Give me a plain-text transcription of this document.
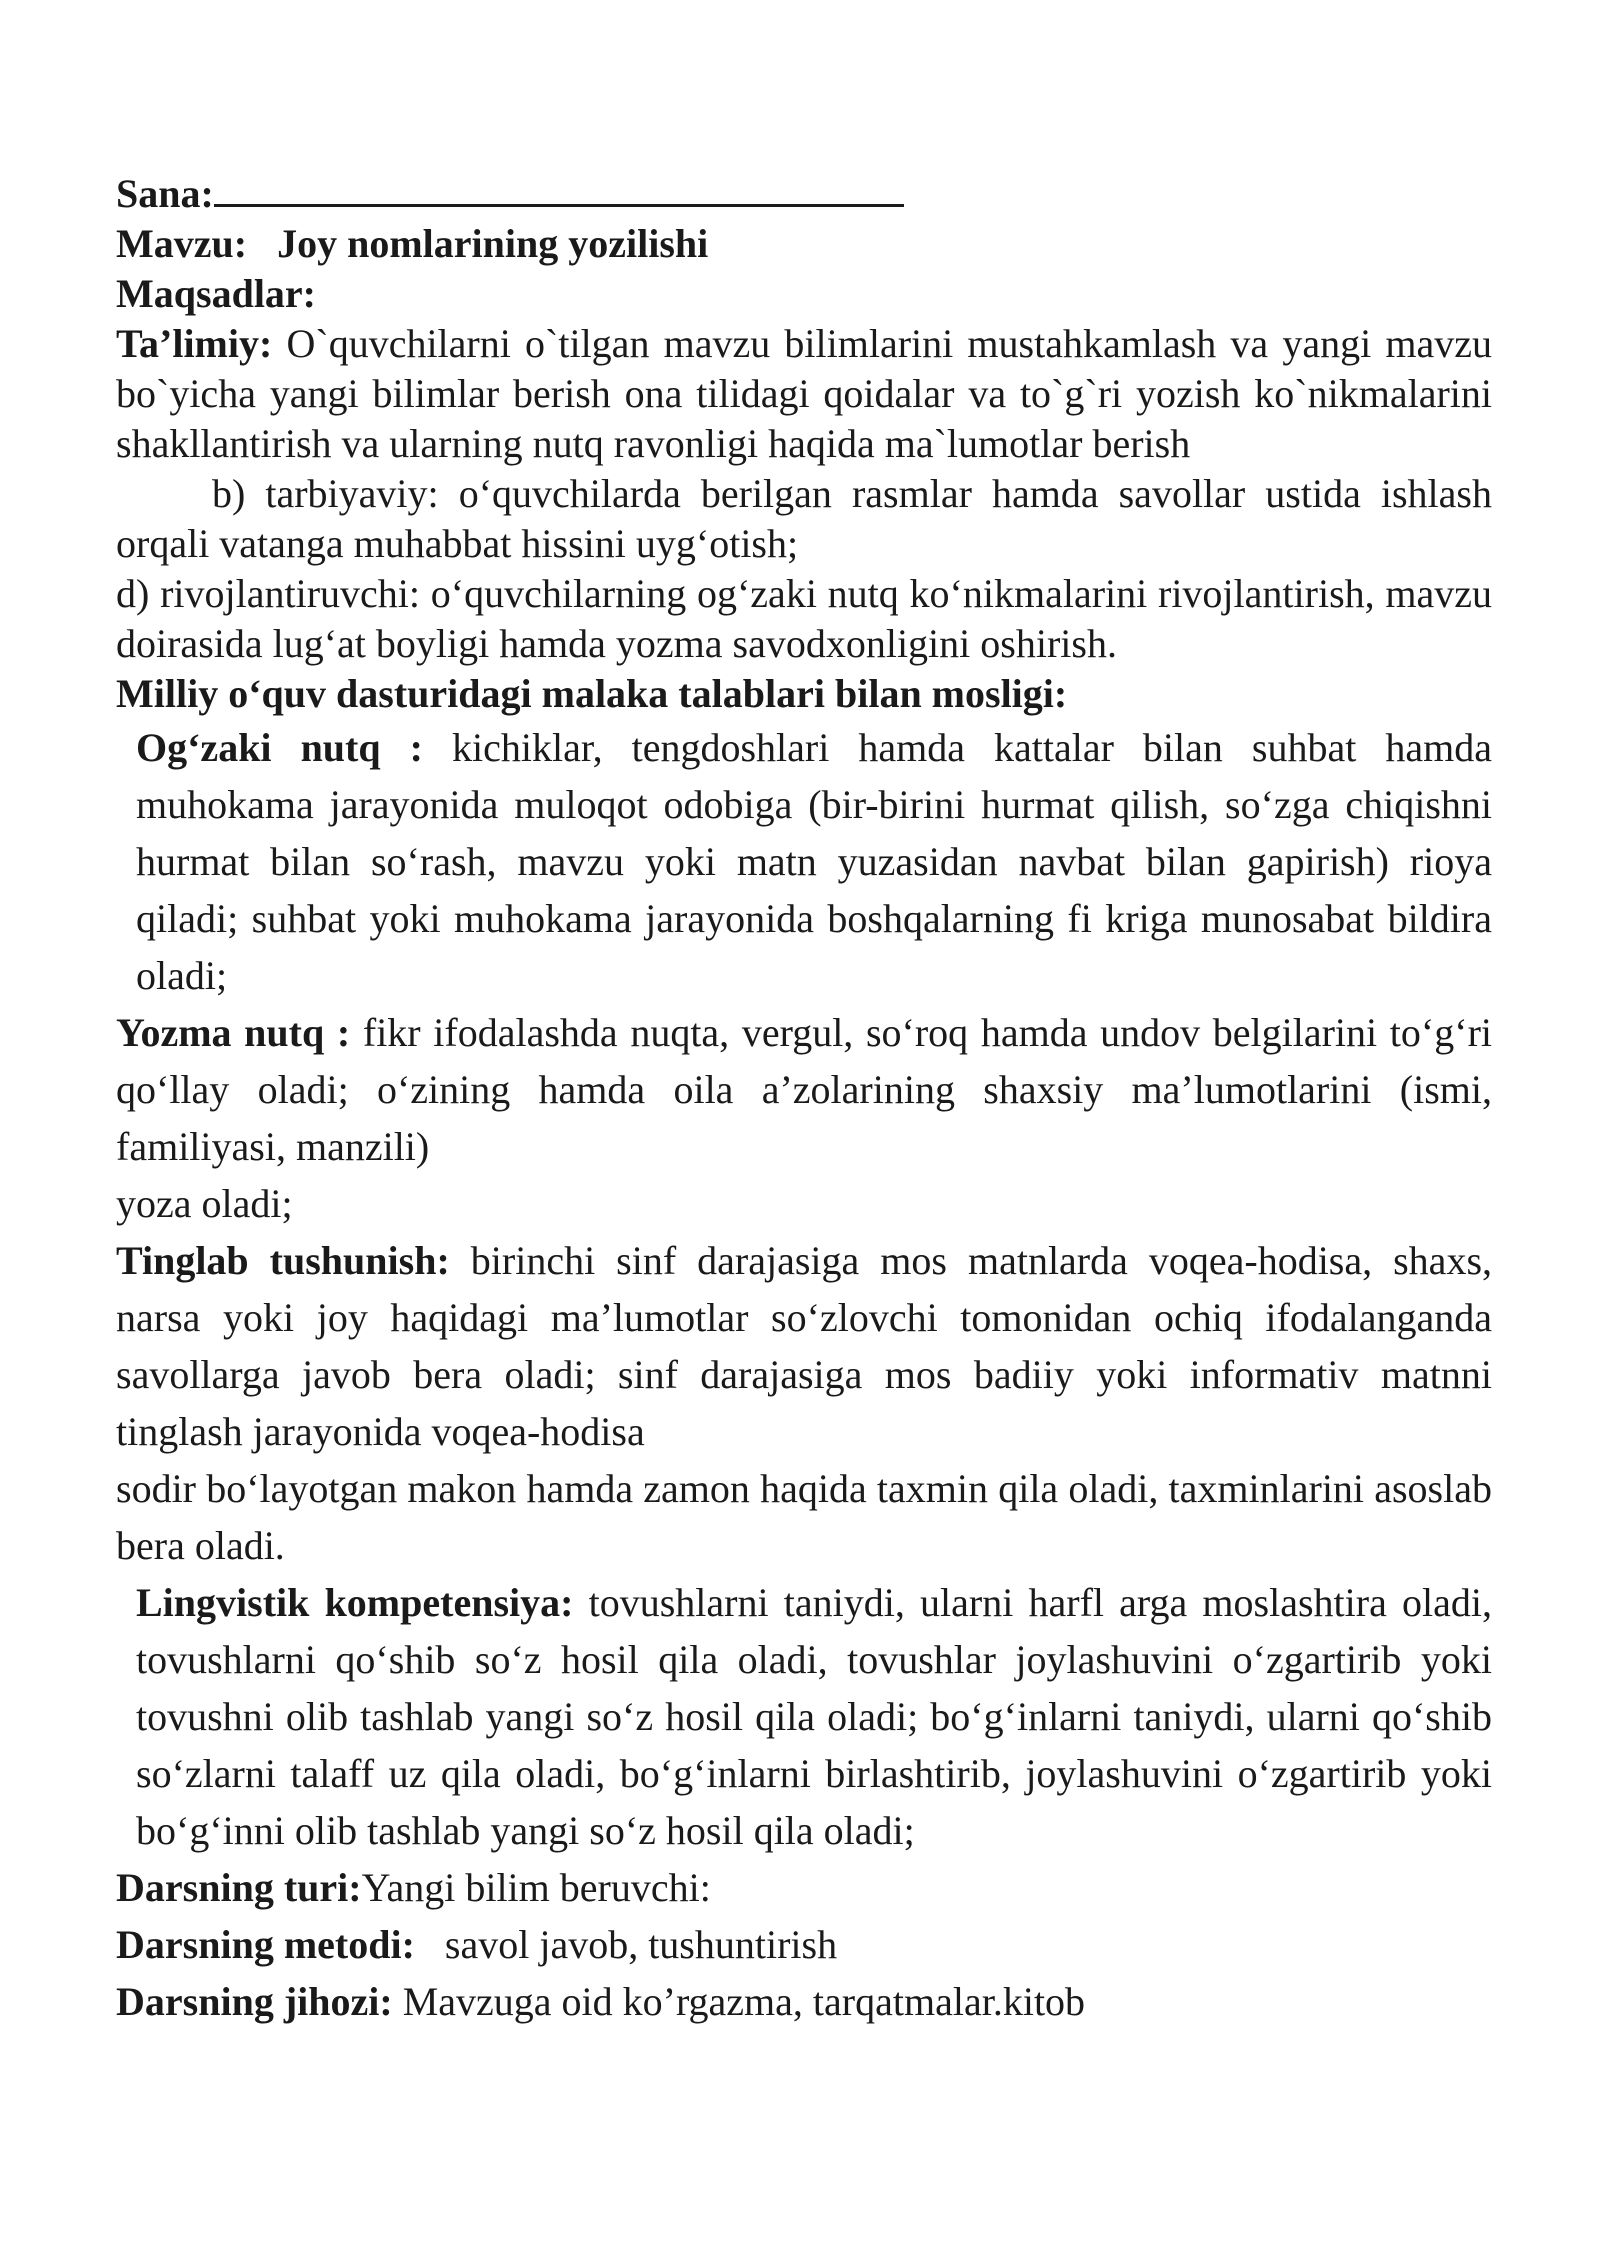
Sana:

Mavzu: Joy nomlarining yozilishi

Maqsadlar:

Ta’limiy: O`quvchilarni o`tilgan mavzu bilimlarini mustahkamlash va yangi mavzu bo`yicha yangi bilimlar berish ona tilidagi qoidalar va to`g`ri yozish ko`nikmalarini shakllantirish va ularning nutq ravonligi haqida ma`lumotlar berish

b) tarbiyaviy: o‘quvchilarda berilgan rasmlar hamda savollar ustida ishlash orqali vatanga muhabbat hissini uyg‘otish;

d) rivojlantiruvchi: o‘quvchilarning og‘zaki nutq ko‘nikmalarini rivojlantirish, mavzu doirasida lug‘at boyligi hamda yozma savodxonligini oshirish.

Milliy o‘quv dasturidagi malaka talablari bilan mosligi:

Og‘zaki nutq : kichiklar, tengdoshlari hamda kattalar bilan suhbat hamda muhokama jarayonida muloqot odobiga (bir-birini hurmat qilish, so‘zga chiqishni hurmat bilan so‘rash, mavzu yoki matn yuzasidan navbat bilan gapirish) rioya qiladi; suhbat yoki muhokama jarayonida boshqalarning fi kriga munosabat bildira oladi;

Yozma nutq : fikr ifodalashda nuqta, vergul, so‘roq hamda undov belgilarini to‘g‘ri qo‘llay oladi; o‘zining hamda oila a’zolarining shaxsiy ma’lumotlarini (ismi, familiyasi, manzili)

yoza oladi;

Tinglab tushunish: birinchi sinf darajasiga mos matnlarda voqea-hodisa, shaxs, narsa yoki joy haqidagi ma’lumotlar so‘zlovchi tomonidan ochiq ifodalanganda savollarga javob bera oladi; sinf darajasiga mos badiiy yoki informativ matnni tinglash jarayonida voqea-hodisa

sodir bo‘layotgan makon hamda zamon haqida taxmin qila oladi, taxminlarini asoslab bera oladi.

Lingvistik kompetensiya: tovushlarni taniydi, ularni harfl arga moslashtira oladi, tovushlarni qo‘shib so‘z hosil qila oladi, tovushlar joylashuvini o‘zgartirib yoki tovushni olib tashlab yangi so‘z hosil qila oladi; bo‘g‘inlarni taniydi, ularni qo‘shib so‘zlarni talaff uz qila oladi, bo‘g‘inlarni birlashtirib, joylashuvini o‘zgartirib yoki bo‘g‘inni olib tashlab yangi so‘z hosil qila oladi;

Darsning turi:Yangi bilim beruvchi:

Darsning metodi: savol javob, tushuntirish

Darsning jihozi: Mavzuga oid ko’rgazma, tarqatmalar.kitob
